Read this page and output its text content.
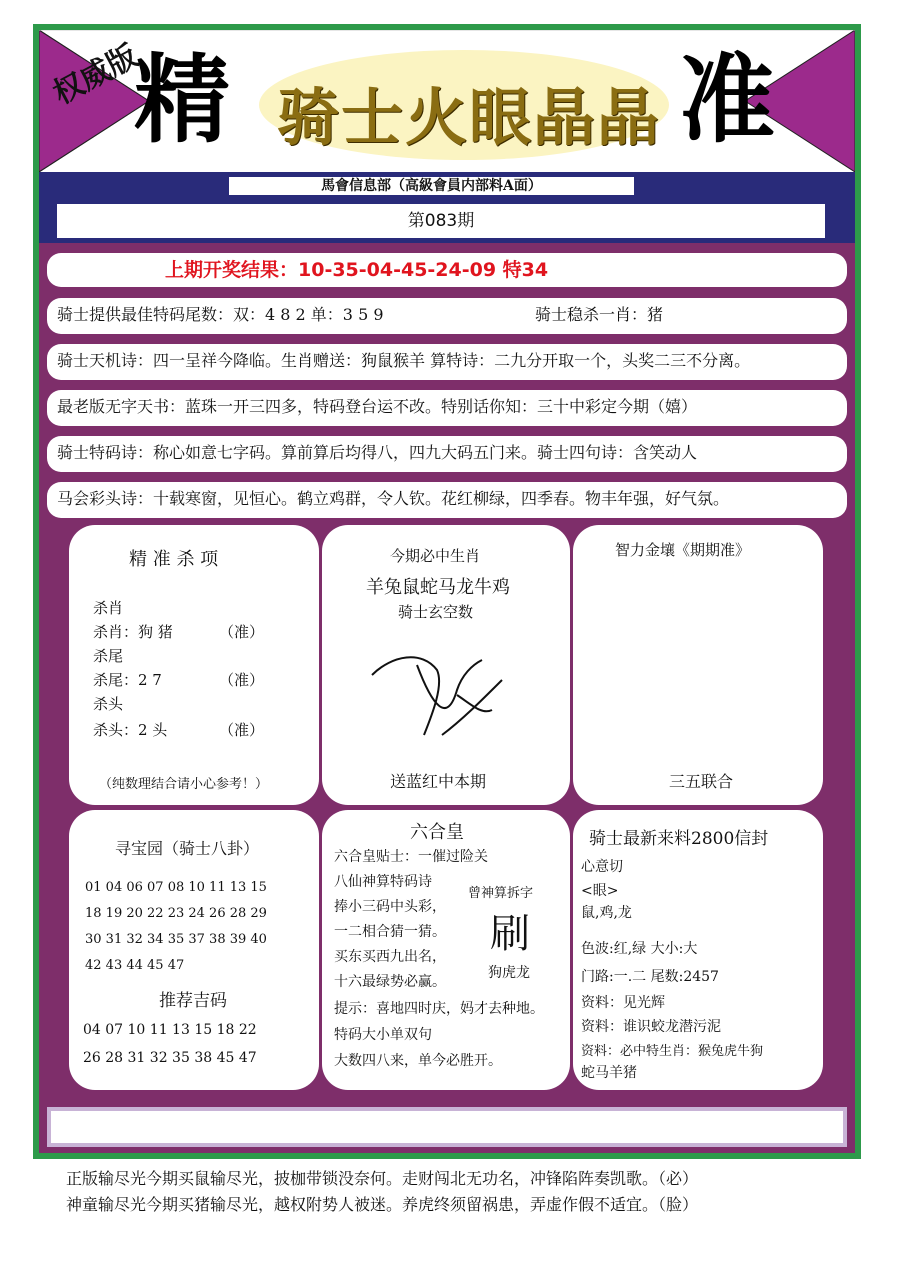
权威版
精 骑士火眼晶晶 准
馬會信息部（高級會員内部料A面）
第083期
上期开奖结果：10-35-04-45-24-09 特34
骑士提供最佳特码尾数：双：4 8 2 单：3 5 9	骑士稳杀一肖：猪
骑士天机诗：四一呈祥今降临。生肖赠送：狗鼠猴羊 算特诗：二九分开取一个，头奖二三不分离。
最老版无字天书：蓝珠一开三四多，特码登台运不改。特别话你知：三十中彩定今期（嬉）
骑士特码诗：称心如意七字码。算前算后均得八，四九大码五门来。骑士四句诗：含笑动人
马会彩头诗：十载寒窗，见恒心。鹤立鸡群，令人钦。花红柳绿，四季春。物丰年强，好气氛。
精 准 杀 项
杀肖
杀肖：狗 猪	（准）
杀尾
杀尾：2 7	（准）
杀头
杀头：2 头	（准）
（纯数理结合请小心参考！）
今期必中生肖
羊兔鼠蛇马龙牛鸡
骑士玄空数
送蓝红中本期
智力金壤《期期准》
三五联合
寻宝园（骑士八卦）
01 04 06 07 08 10 11 13 15
18 19 20 22 23 24 26 28 29
30 31 32 34 35 37 38 39 40
42 43 44 45 47
推荐吉码
04 07 10 11 13 15 18 22
26 28 31 32 35 38 45 47
六合皇
六合皇贴士：一催过险关
八仙神算特码诗
捧小三码中头彩，
一二相合猜一猜。
买东买西九出名，
十六最绿势必赢。
提示：喜地四时庆，妈才去种地。
特码大小单双句
大数四八来，单今必胜开。
曾神算拆字
刷
狗虎龙
骑士最新来料2800信封
心意切
<眼>
鼠,鸡,龙
色波:红,绿 大小:大
门路:一.二 尾数:2457
资料：见光辉
资料：谁识蛟龙潜污泥
资料：必中特生肖：猴兔虎牛狗
蛇马羊猪
正版输尽光今期买鼠输尽光，披枷带锁没奈何。走财闯北无功名，冲锋陷阵奏凯歌。（必）
神童输尽光今期买猪输尽光，越权附势人被迷。养虎终须留祸患，弄虚作假不适宜。（脸）
